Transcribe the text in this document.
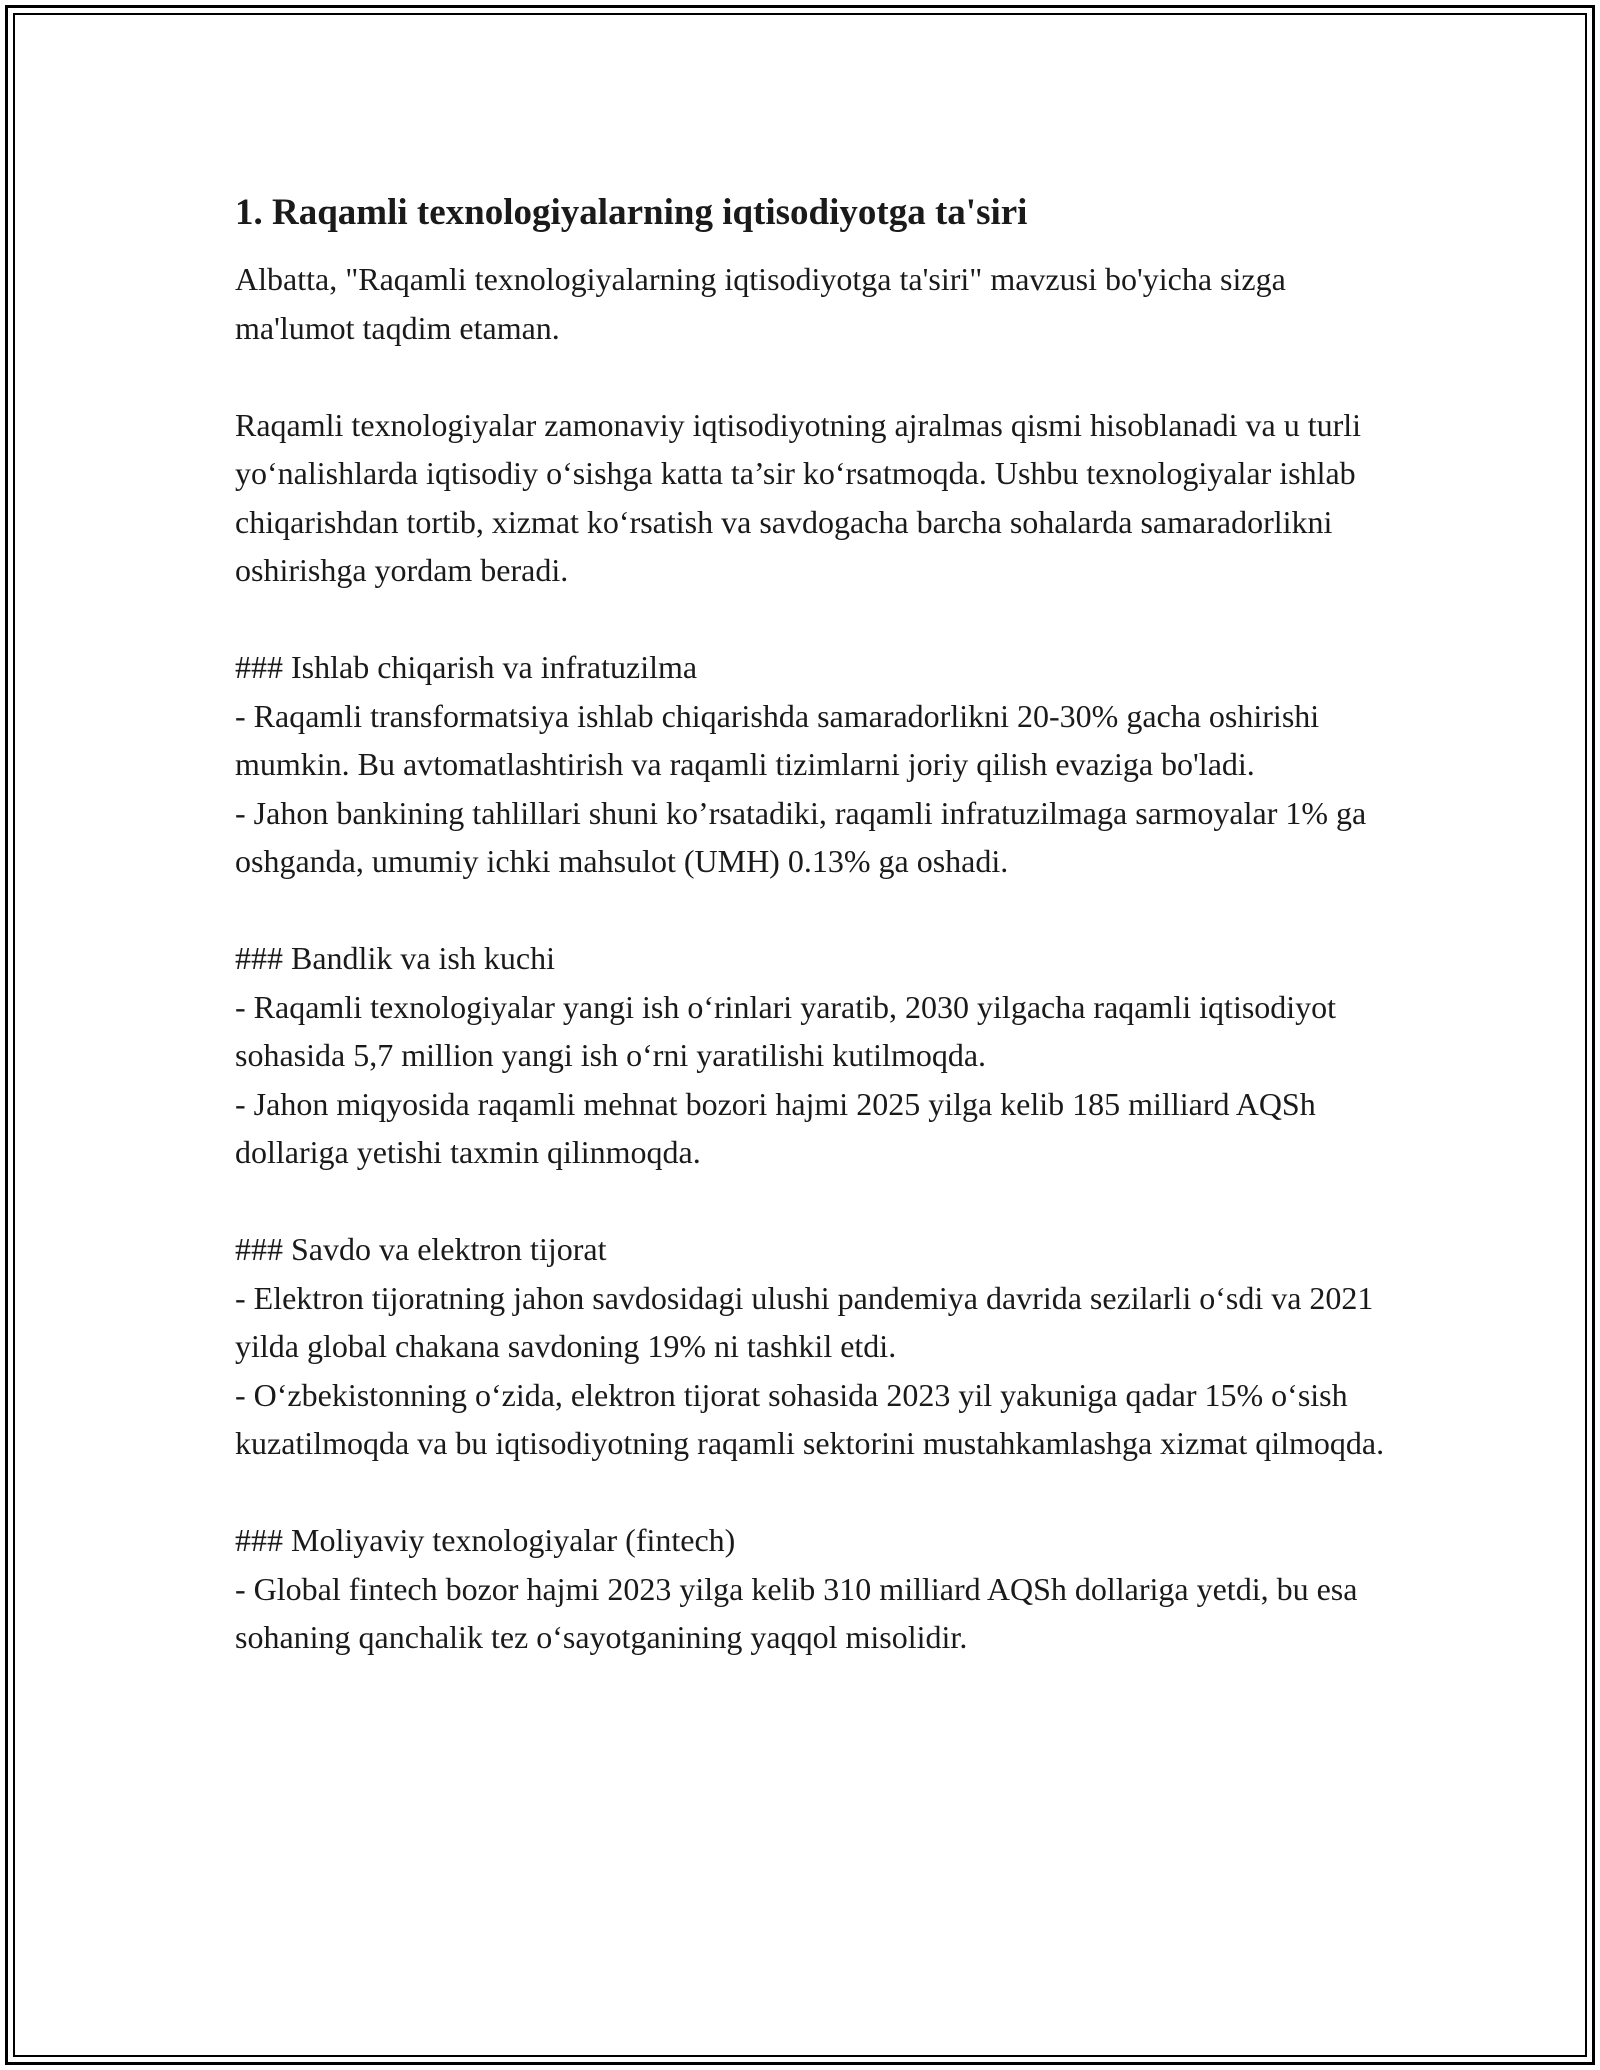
1. Raqamli texnologiyalarning iqtisodiyotga ta'siri

Albatta, "Raqamli texnologiyalarning iqtisodiyotga ta'siri" mavzusi bo'yicha sizga ma'lumot taqdim etaman.

Raqamli texnologiyalar zamonaviy iqtisodiyotning ajralmas qismi hisoblanadi va u turli yo‘nalishlarda iqtisodiy o‘sishga katta ta’sir ko‘rsatmoqda. Ushbu texnologiyalar ishlab chiqarishdan tortib, xizmat ko‘rsatish va savdogacha barcha sohalarda samaradorlikni oshirishga yordam beradi.

### Ishlab chiqarish va infratuzilma

- Raqamli transformatsiya ishlab chiqarishda samaradorlikni 20-30% gacha oshirishi mumkin. Bu avtomatlashtirish va raqamli tizimlarni joriy qilish evaziga bo'ladi.

- Jahon bankining tahlillari shuni ko’rsatadiki, raqamli infratuzilmaga sarmoyalar 1% ga oshganda, umumiy ichki mahsulot (UMH) 0.13% ga oshadi.

### Bandlik va ish kuchi

- Raqamli texnologiyalar yangi ish o‘rinlari yaratib, 2030 yilgacha raqamli iqtisodiyot sohasida 5,7 million yangi ish o‘rni yaratilishi kutilmoqda.

- Jahon miqyosida raqamli mehnat bozori hajmi 2025 yilga kelib 185 milliard AQSh dollariga yetishi taxmin qilinmoqda.

### Savdo va elektron tijorat

- Elektron tijoratning jahon savdosidagi ulushi pandemiya davrida sezilarli o‘sdi va 2021 yilda global chakana savdoning 19% ni tashkil etdi.

- O‘zbekistonning o‘zida, elektron tijorat sohasida 2023 yil yakuniga qadar 15% o‘sish kuzatilmoqda va bu iqtisodiyotning raqamli sektorini mustahkamlashga xizmat qilmoqda.

### Moliyaviy texnologiyalar (fintech)

- Global fintech bozor hajmi 2023 yilga kelib 310 milliard AQSh dollariga yetdi, bu esa sohaning qanchalik tez o‘sayotganining yaqqol misolidir.
